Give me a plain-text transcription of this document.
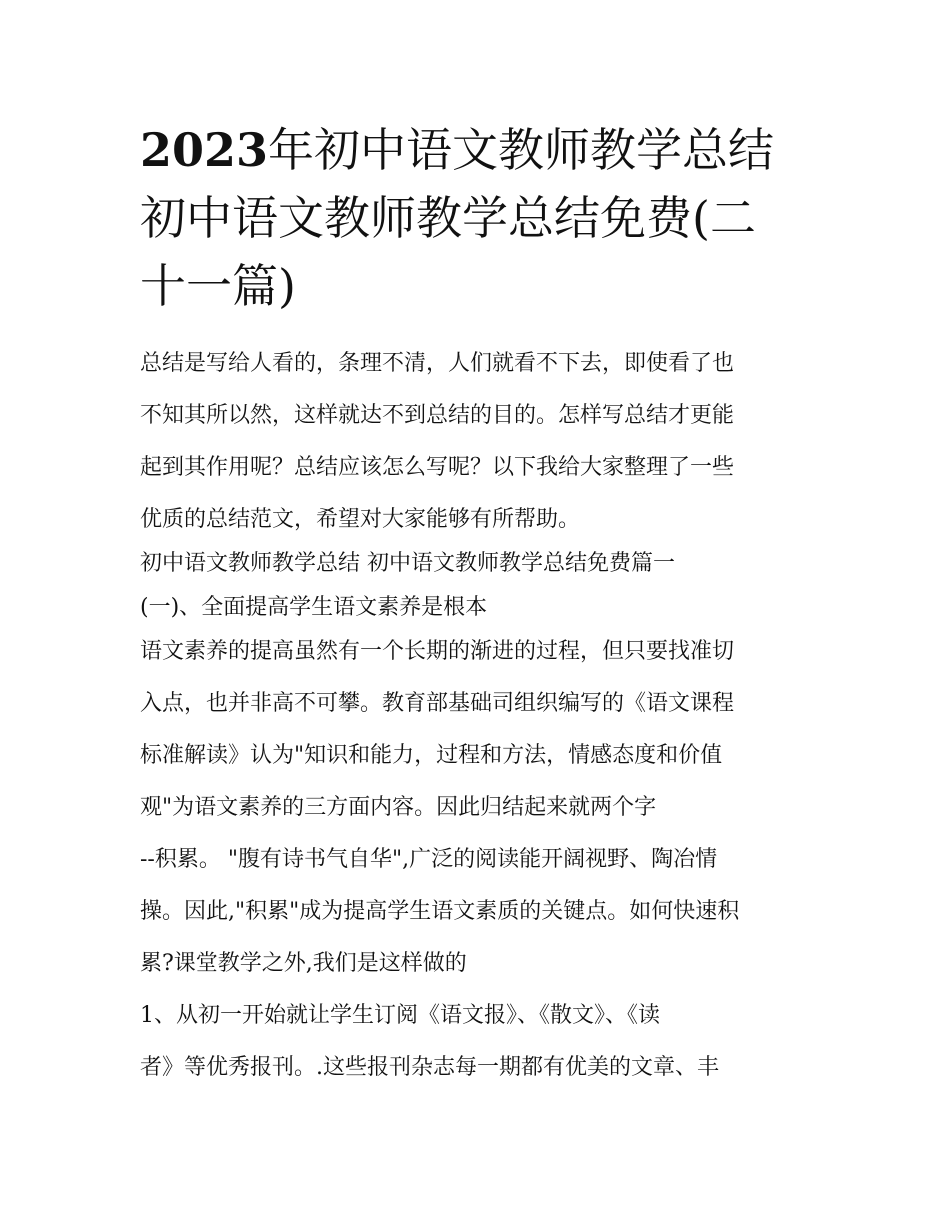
2023年初中语文教师教学总结
初中语文教师教学总结免费(二
十一篇)
总结是写给人看的，条理不清，人们就看不下去，即使看了也
不知其所以然，这样就达不到总结的目的。怎样写总结才更能
起到其作用呢？总结应该怎么写呢？以下我给大家整理了一些
优质的总结范文，希望对大家能够有所帮助。
初中语文教师教学总结 初中语文教师教学总结免费篇一
(一)、全面提高学生语文素养是根本
语文素养的提高虽然有一个长期的渐进的过程，但只要找准切
入点，也并非高不可攀。教育部基础司组织编写的《语文课程
标准解读》认为"知识和能力，过程和方法，情感态度和价值
观"为语文素养的三方面内容。因此归结起来就两个字
--积累。 "腹有诗书气自华",广泛的阅读能开阔视野、陶冶情
操。因此,"积累"成为提高学生语文素质的关键点。如何快速积
累?课堂教学之外,我们是这样做的
1、从初一开始就让学生订阅《语文报》、《散文》、《读
者》等优秀报刊。.这些报刊杂志每一期都有优美的文章、丰
